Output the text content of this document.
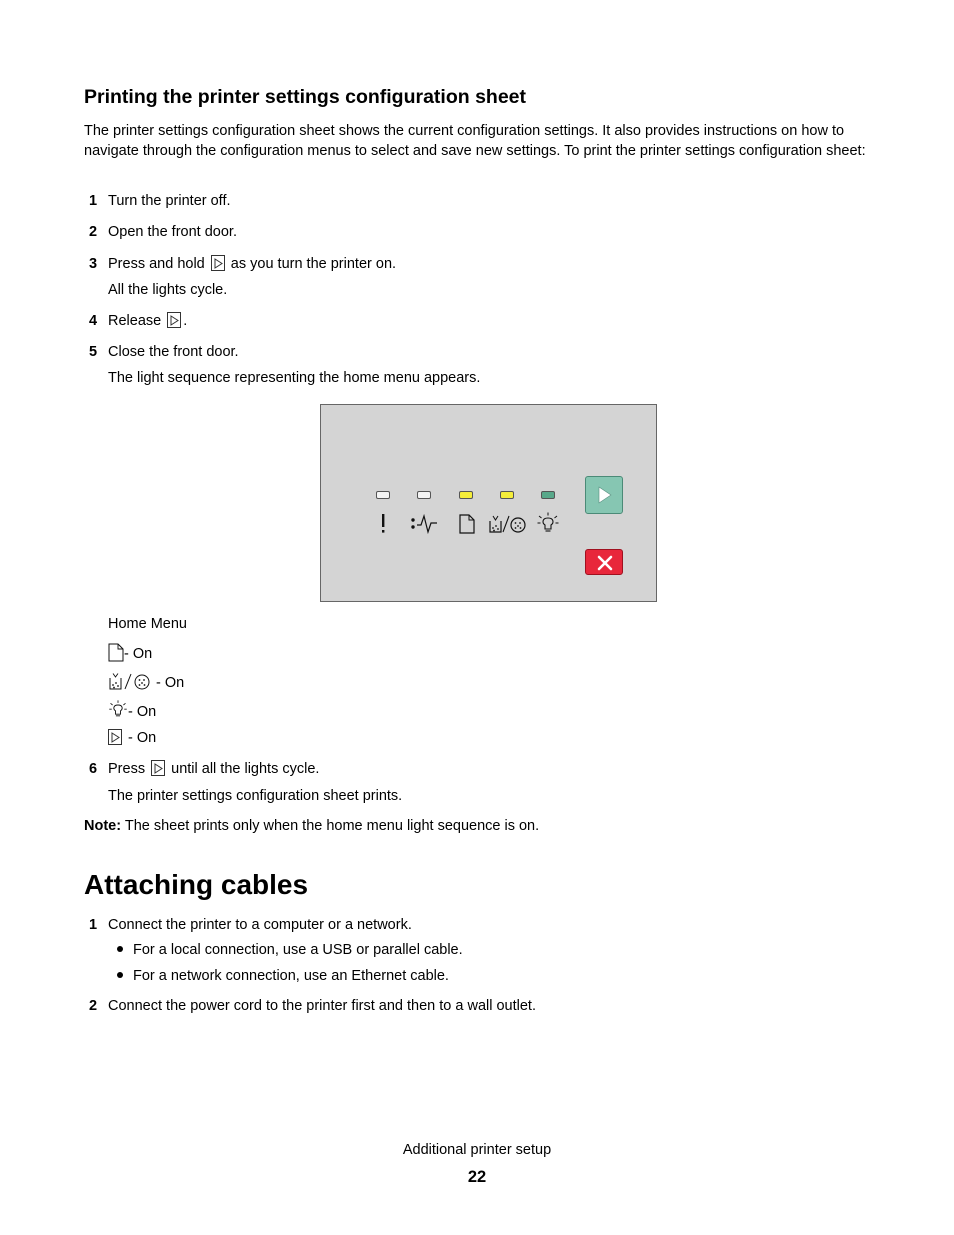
Printing the printer settings configuration sheet
The printer settings configuration sheet shows the current configuration settings. It also provides instructions on how to navigate through the configuration menus to select and save new settings. To print the printer settings configuration sheet:
1 Turn the printer off.
2 Open the front door.
3 Press and hold as you turn the printer on.
All the lights cycle.
4 Release .
5 Close the front door.
The light sequence representing the home menu appears.
Home Menu
- On
- On
- On
- On
6 Press until all the lights cycle.
The printer settings configuration sheet prints.
Note: The sheet prints only when the home menu light sequence is on.
Attaching cables
1 Connect the printer to a computer or a network.
For a local connection, use a USB or parallel cable.
For a network connection, use an Ethernet cable.
2 Connect the power cord to the printer first and then to a wall outlet.
Additional printer setup
22
